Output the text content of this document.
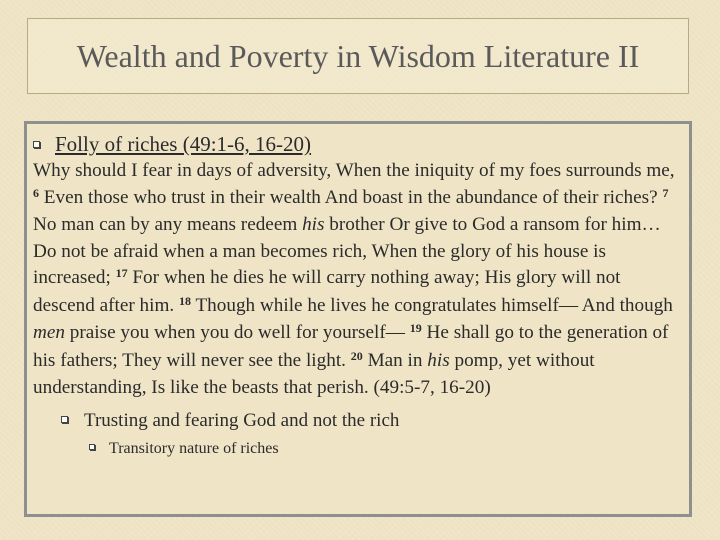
Wealth and Poverty in Wisdom Literature II
Folly of riches (49:1-6, 16-20)

Why should I fear in days of adversity, When the iniquity of my foes surrounds me, $^6$ Even those who trust in their wealth And boast in the abundance of their riches? $^7$ No man can by any means redeem his brother Or give to God a ransom for him…Do not be afraid when a man becomes rich, When the glory of his house is increased; $^{17}$ For when he dies he will carry nothing away; His glory will not descend after him. $^{18}$ Though while he lives he congratulates himself— And though men praise you when you do well for yourself— $^{19}$ He shall go to the generation of his fathers; They will never see the light. $^{20}$ Man in his pomp, yet without understanding, Is like the beasts that perish. (49:5-7, 16-20)

Trusting and fearing God and not the rich
Transitory nature of riches
